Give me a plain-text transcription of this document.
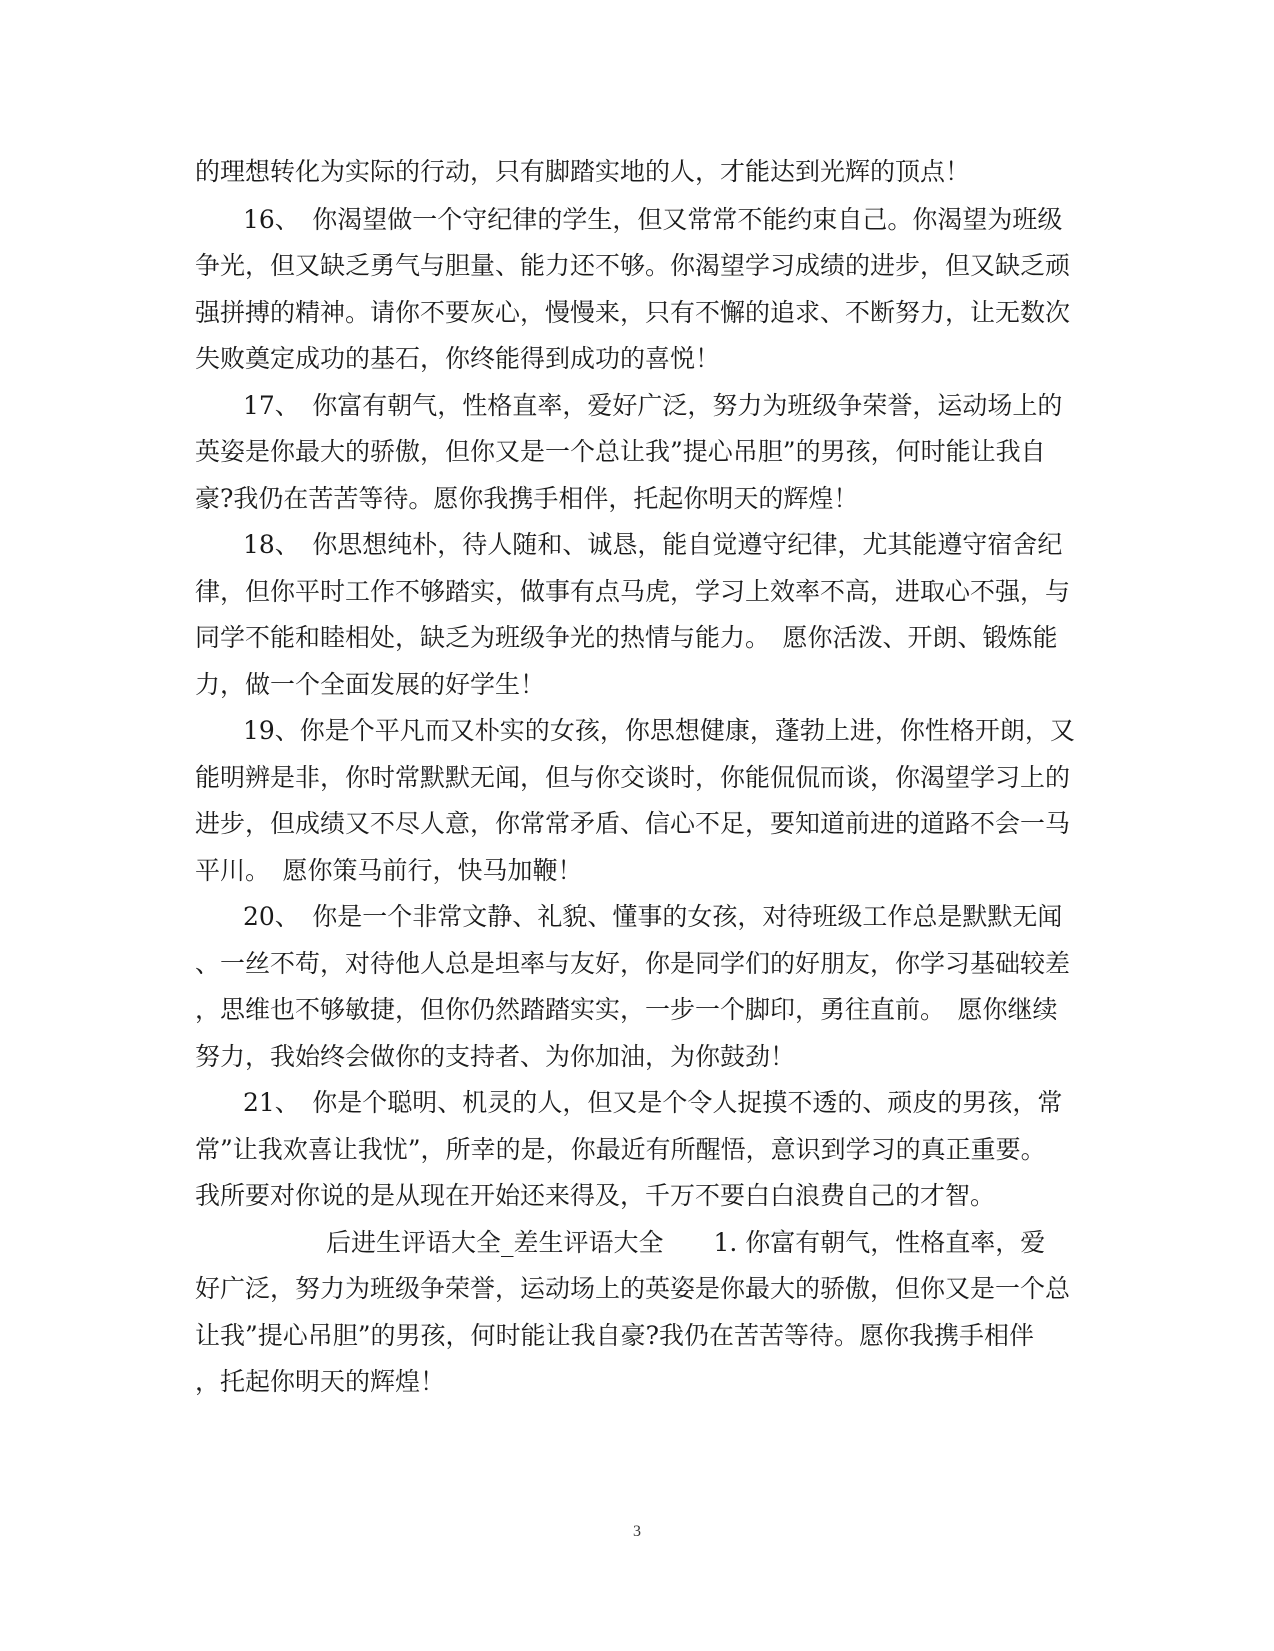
的理想转化为实际的行动，只有脚踏实地的人，才能达到光辉的顶点！
16、　你渴望做一个守纪律的学生，但又常常不能约束自己。你渴望为班级
争光，但又缺乏勇气与胆量、能力还不够。你渴望学习成绩的进步，但又缺乏顽
强拼搏的精神。请你不要灰心，慢慢来，只有不懈的追求、不断努力，让无数次
失败奠定成功的基石，你终能得到成功的喜悦！
17、　你富有朝气，性格直率，爱好广泛，努力为班级争荣誉，运动场上的
英姿是你最大的骄傲，但你又是一个总让我”提心吊胆”的男孩，何时能让我自
豪?我仍在苦苦等待。愿你我携手相伴，托起你明天的辉煌！
18、　你思想纯朴，待人随和、诚恳，能自觉遵守纪律，尤其能遵守宿舍纪
律，但你平时工作不够踏实，做事有点马虎，学习上效率不高，进取心不强，与
同学不能和睦相处，缺乏为班级争光的热情与能力。　愿你活泼、开朗、锻炼能
力，做一个全面发展的好学生！
19、你是个平凡而又朴实的女孩，你思想健康，蓬勃上进，你性格开朗，又
能明辨是非，你时常默默无闻，但与你交谈时，你能侃侃而谈，你渴望学习上的
进步，但成绩又不尽人意，你常常矛盾、信心不足，要知道前进的道路不会一马
平川。　愿你策马前行，快马加鞭！
20、　你是一个非常文静、礼貌、懂事的女孩，对待班级工作总是默默无闻
、一丝不苟，对待他人总是坦率与友好，你是同学们的好朋友，你学习基础较差
，思维也不够敏捷，但你仍然踏踏实实，一步一个脚印，勇往直前。　愿你继续
努力，我始终会做你的支持者、为你加油，为你鼓劲！
21、　你是个聪明、机灵的人，但又是个令人捉摸不透的、顽皮的男孩，常
常”让我欢喜让我忧”，所幸的是，你最近有所醒悟，意识到学习的真正重要。
我所要对你说的是从现在开始还来得及，千万不要白白浪费自己的才智。
后进生评语大全_差生评语大全　　1. 你富有朝气，性格直率，爱
好广泛，努力为班级争荣誉，运动场上的英姿是你最大的骄傲，但你又是一个总
让我”提心吊胆”的男孩，何时能让我自豪?我仍在苦苦等待。愿你我携手相伴
，托起你明天的辉煌！
3
